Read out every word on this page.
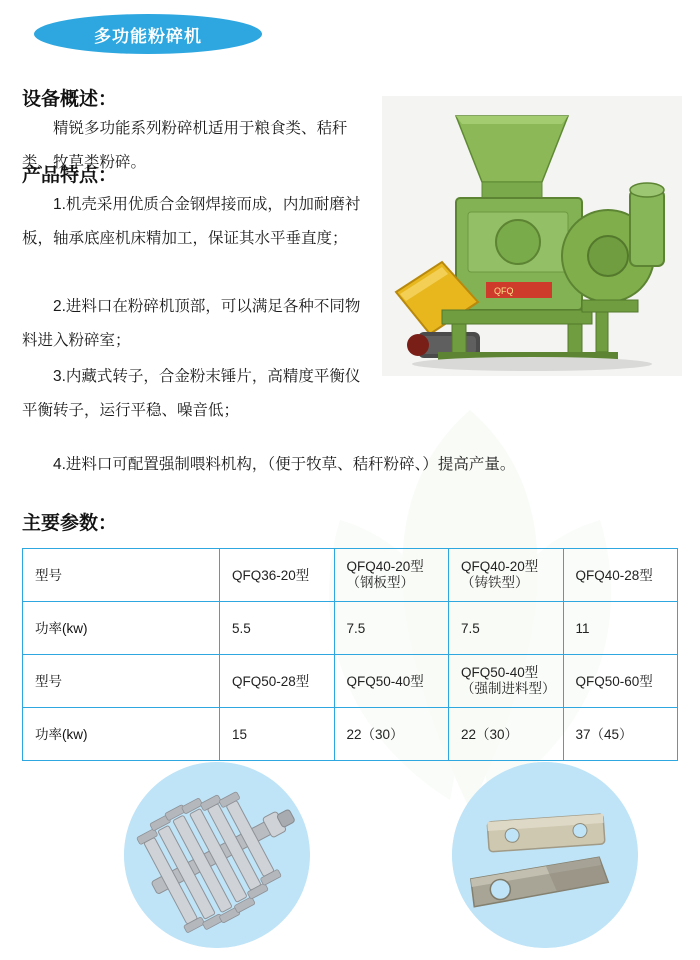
多功能粉碎机
设备概述：

精锐多功能系列粉碎机适用于粮食类、秸秆类、牧草类粉碎。

产品特点：

1.机壳采用优质合金钢焊接而成，内加耐磨衬板，轴承底座机床精加工，保证其水平垂直度；

2.进料口在粉碎机顶部，可以满足各种不同物料进入粉碎室；

3.内藏式转子，合金粉末锤片，高精度平衡仪平衡转子，运行平稳、噪音低；

4.进料口可配置强制喂料机构，（便于牧草、秸秆粉碎、）提高产量。

QFQ
主要参数：
型号	QFQ36-20型	QFQ40-20型（钢板型）	QFQ40-20型（铸铁型）	QFQ40-28型
功率(kw)	5.5	7.5	7.5	11
型号	QFQ50-28型	QFQ50-40型	QFQ50-40型（强制进料型）	QFQ50-60型
功率(kw)	15	22（30）	22（30）	37（45）
